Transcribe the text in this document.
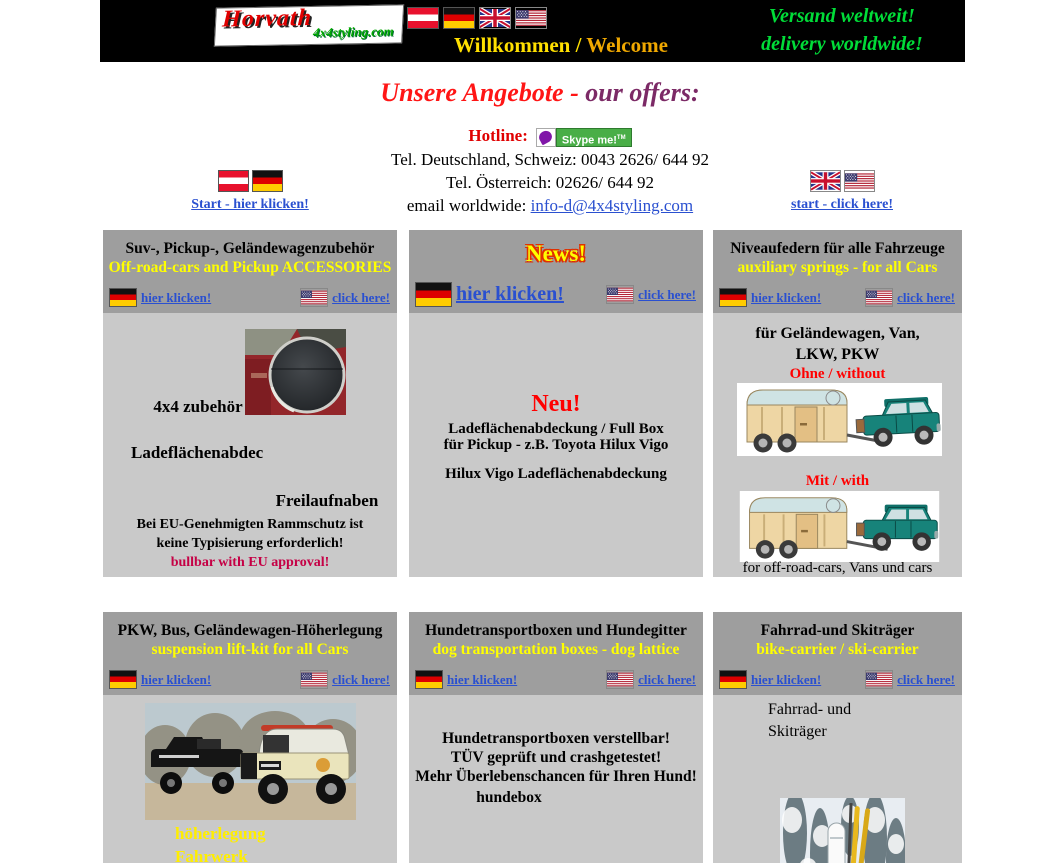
Horvath 4x4styling.com
Willkommen / Welcome
Versand weltweit!
delivery worldwide!
Unsere Angebote - our offers:
Hotline:	Skype me!™
Tel. Deutschland, Schweiz: 0043 2626/ 644 92
Tel. Österreich: 02626/ 644 92
email worldwide: info-d@4x4styling.com
Start - hier klicken!	start - click here!
Suv-, Pickup-, Geländewagenzubehör
Off-road-cars and Pickup ACCESSORIES
hier klicken!	click here!
4x4 zubehör
Ladeflächenabdec
Freilaufnaben
Bei EU-Genehmigten Rammschutz ist
keine Typisierung erforderlich!
bullbar with EU approval!
News!
hier klicken!	click here!
Neu!
Ladeflächenabdeckung / Full Box
für Pickup - z.B. Toyota Hilux Vigo
Hilux Vigo Ladeflächenabdeckung
Niveaufedern für alle Fahrzeuge
auxiliary springs - for all Cars
hier klicken!	click here!
für Geländewagen, Van, LKW, PKW
Ohne / without
Mit / with
for off-road-cars, Vans und cars
PKW, Bus, Geländewagen-Höherlegung
suspension lift-kit for all Cars
hier klicken!	click here!
höherlegung
Fahrwerk
Hundetransportboxen und Hundegitter
dog transportation boxes - dog lattice
hier klicken!	click here!
Hundetransportboxen verstellbar!
TÜV geprüft und crashgetestet!
Mehr Überlebenschancen für Ihren Hund!
hundebox
Fahrrad-und Skiträger
bike-carrier / ski-carrier
hier klicken!	click here!
Fahrrad- und
Skiträger
